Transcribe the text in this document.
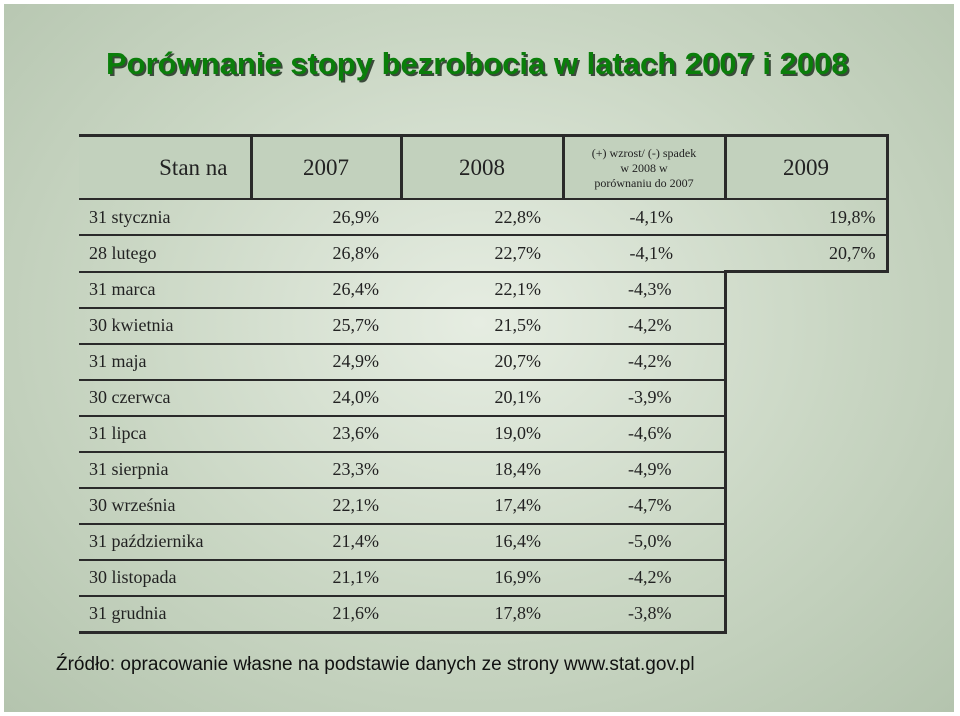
Porównanie stopy bezrobocia w latach 2007 i 2008
Stan na	2007	2008	(+) wzrost/ (-) spadek w 2008 w porównaniu do 2007	2009
31 stycznia	26,9%	22,8%	-4,1%	19,8%
28 lutego	26,8%	22,7%	-4,1%	20,7%
31 marca	26,4%	22,1%	-4,3%	
30 kwietnia	25,7%	21,5%	-4,2%	
31 maja	24,9%	20,7%	-4,2%	
30 czerwca	24,0%	20,1%	-3,9%	
31 lipca	23,6%	19,0%	-4,6%	
31 sierpnia	23,3%	18,4%	-4,9%	
30 września	22,1%	17,4%	-4,7%	
31 października	21,4%	16,4%	-5,0%	
30 listopada	21,1%	16,9%	-4,2%	
31 grudnia	21,6%	17,8%	-3,8%	

Źródło: opracowanie własne na podstawie danych ze strony www.stat.gov.pl
